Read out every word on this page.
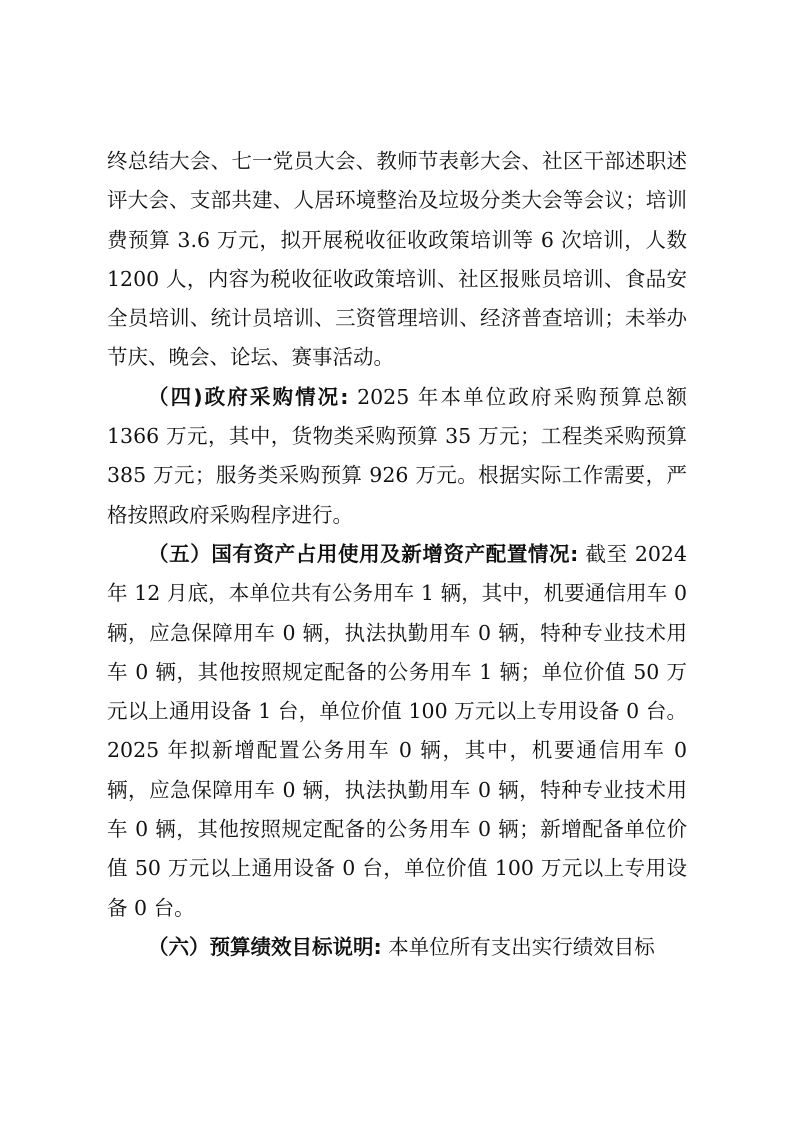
终总结大会、七一党员大会、教师节表彰大会、社区干部述职述评大会、支部共建、人居环境整治及垃圾分类大会等会议；培训费预算 3.6 万元，拟开展税收征收政策培训等 6 次培训，人数 1200 人，内容为税收征收政策培训、社区报账员培训、食品安全员培训、统计员培训、三资管理培训、经济普查培训；未举办节庆、晚会、论坛、赛事活动。

（四)政府采购情况: 2025 年本单位政府采购预算总额 1366 万元，其中，货物类采购预算 35 万元；工程类采购预算 385 万元；服务类采购预算 926 万元。根据实际工作需要，严格按照政府采购程序进行。

（五）国有资产占用使用及新增资产配置情况: 截至 2024 年 12 月底，本单位共有公务用车 1 辆，其中，机要通信用车 0 辆，应急保障用车 0 辆，执法执勤用车 0 辆，特种专业技术用车 0 辆，其他按照规定配备的公务用车 1 辆；单位价值 50 万元以上通用设备 1 台，单位价值 100 万元以上专用设备 0 台。2025 年拟新增配置公务用车 0 辆，其中，机要通信用车 0 辆，应急保障用车 0 辆，执法执勤用车 0 辆，特种专业技术用车 0 辆，其他按照规定配备的公务用车 0 辆；新增配备单位价值 50 万元以上通用设备 0 台，单位价值 100 万元以上专用设备 0 台。

（六）预算绩效目标说明: 本单位所有支出实行绩效目标
